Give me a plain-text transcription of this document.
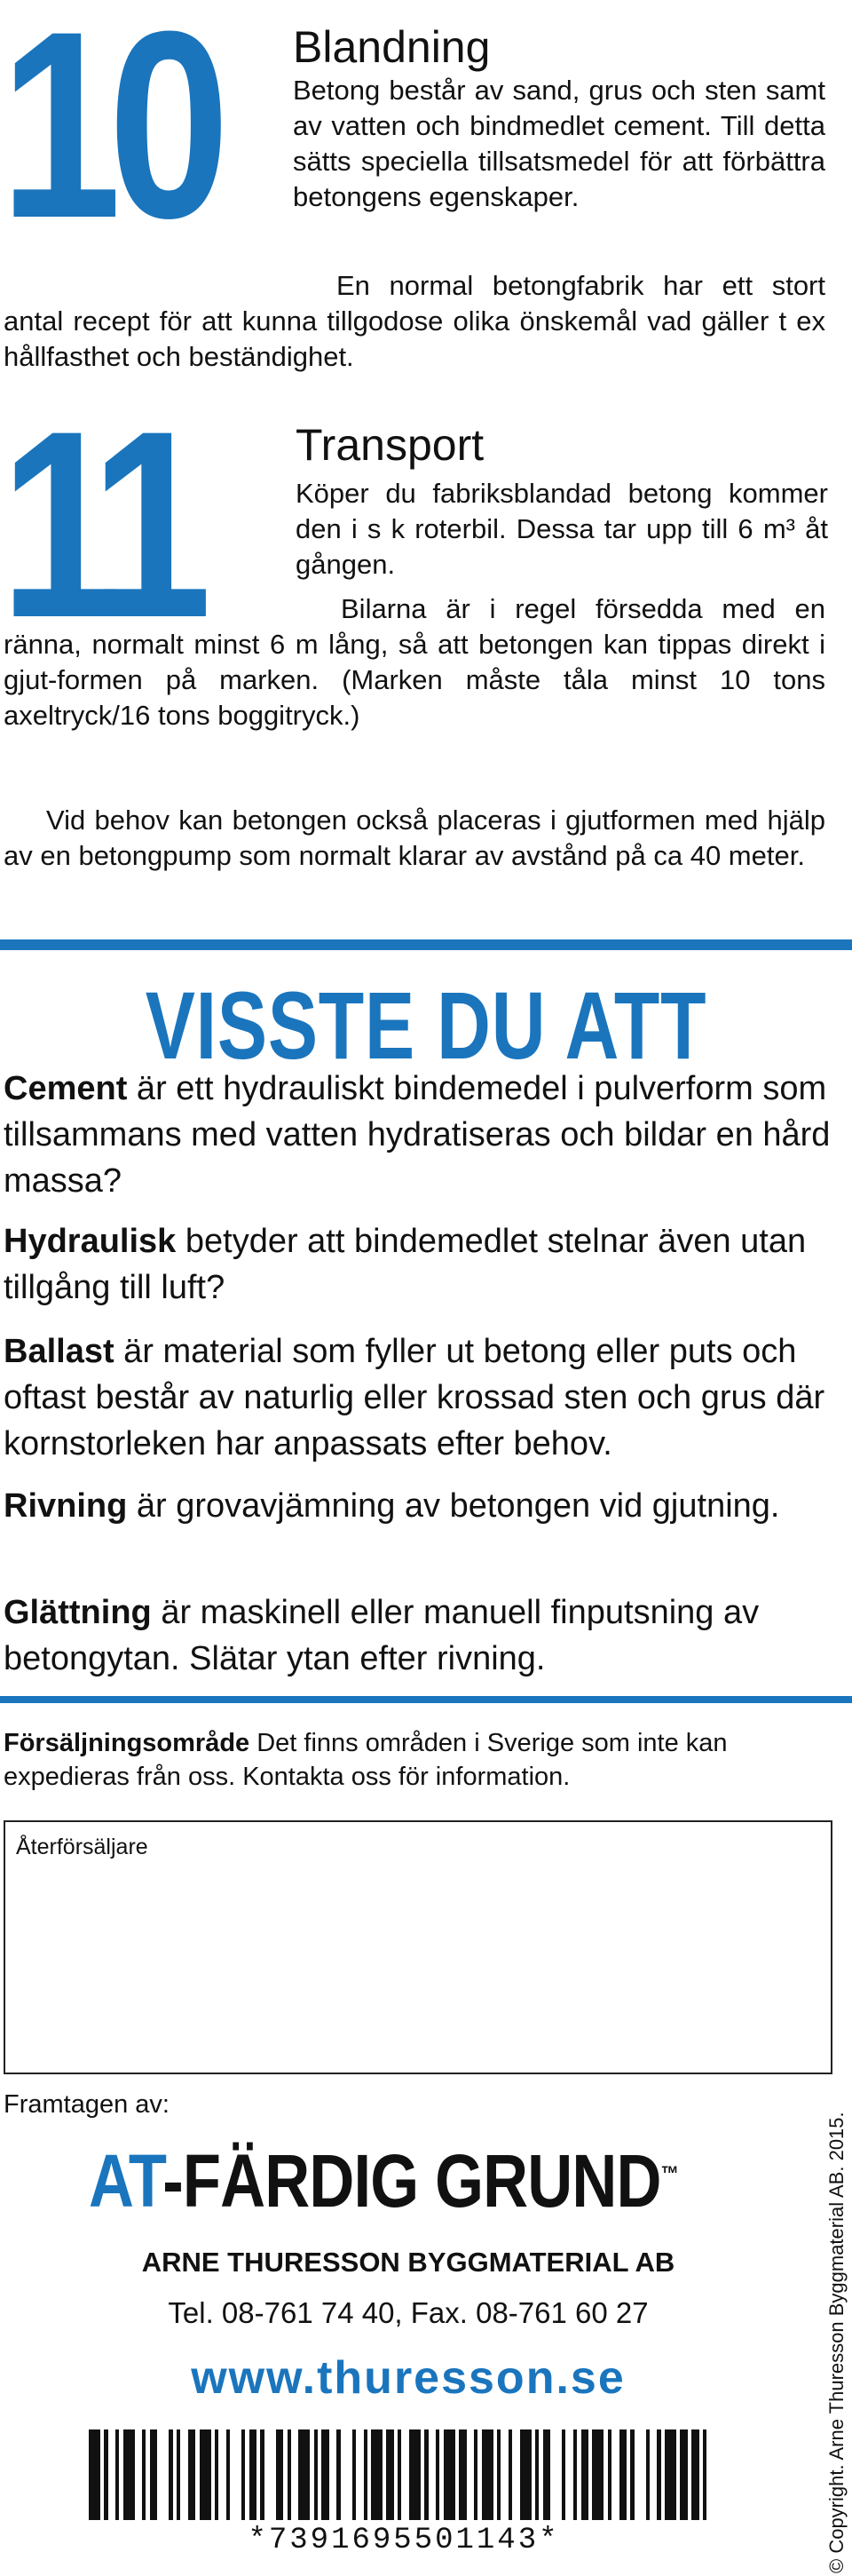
10 Blandning
Betong består av sand, grus och sten samt av vatten och bindmedlet cement. Till detta sätts speciella tillsatsmedel för att förbättra betongens egenskaper.
En normal betongfabrik har ett stort antal recept för att kunna tillgodose olika önskemål vad gäller t ex hållfasthet och beständighet.
11 Transport
Köper du fabriksblandad betong kommer den i s k roterbil. Dessa tar upp till 6 m³ åt gången.
Bilarna är i regel försedda med en ränna, normalt minst 6 m lång, så att betongen kan tippas direkt i gjut-formen på marken. (Marken måste tåla minst 10 tons axeltryck/16 tons boggitryck.)
Vid behov kan betongen också placeras i gjutformen med hjälp av en betongpump som normalt klarar av avstånd på ca 40 meter.
VISSTE DU ATT
Cement är ett hydrauliskt bindemedel i pulverform som tillsammans med vatten hydratiseras och bildar en hård massa?
Hydraulisk betyder att bindemedlet stelnar även utan tillgång till luft?
Ballast är material som fyller ut betong eller puts och oftast består av naturlig eller krossad sten och grus där kornstorleken har anpassats efter behov.
Rivning är grovavjämning av betongen vid gjutning.
Glättning är maskinell eller manuell finputsning av betongytan. Slätar ytan efter rivning.
Försäljningsområde Det finns områden i Sverige som inte kan expedieras från oss. Kontakta oss för information.
Återförsäljare
Framtagen av:
AT-FÄRDIG GRUND™
ARNE THURESSON BYGGMATERIAL AB
Tel. 08-761 74 40, Fax. 08-761 60 27
www.thuresson.se
*7391695501143*	© Copyright. Arne Thuresson Byggmaterial AB. 2015.
